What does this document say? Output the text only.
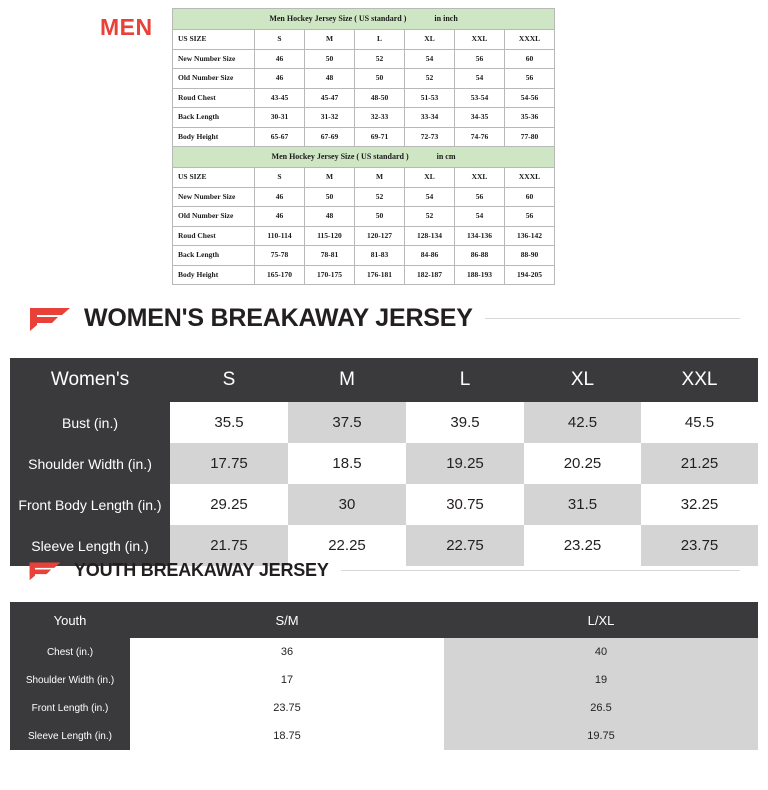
MEN	Men Hockey Jersey Size ( US standard ) in inch						

US SIZE	S	M	L	XL	XXL	XXXL
New Number Size	46	50	52	54	56	60
Old Number Size	46	48	50	52	54	56
Roud Chest	43-45	45-47	48-50	51-53	53-54	54-56
Back Length	30-31	31-32	32-33	33-34	34-35	35-36
Body Height	65-67	67-69	69-71	72-73	74-76	77-80
Men Hockey Jersey Size ( US standard ) in cm						

US SIZE	S	M	M	XL	XXL	XXXL
New Number Size	46	50	52	54	56	60
Old Number Size	46	48	50	52	54	56
Roud Chest	110-114	115-120	120-127	128-134	134-136	136-142
Back Length	75-78	78-81	81-83	84-86	86-88	88-90
Body Height	165-170	170-175	176-181	182-187	188-193	194-205
WOMEN'S BREAKAWAY JERSEY
Women's	S	M	L	XL	XXL
Bust (in.)	35.5	37.5	39.5	42.5	45.5
Shoulder Width (in.)	17.75	18.5	19.25	20.25	21.25
Front Body Length (in.)	29.25	30	30.75	31.5	32.25
Sleeve Length (in.)	21.75	22.25	22.75	23.25	23.75
YOUTH BREAKAWAY JERSEY
Youth	S/M	L/XL
Chest (in.)	36	40
Shoulder Width (in.)	17	19
Front Length (in.)	23.75	26.5
Sleeve Length (in.)	18.75	19.75
